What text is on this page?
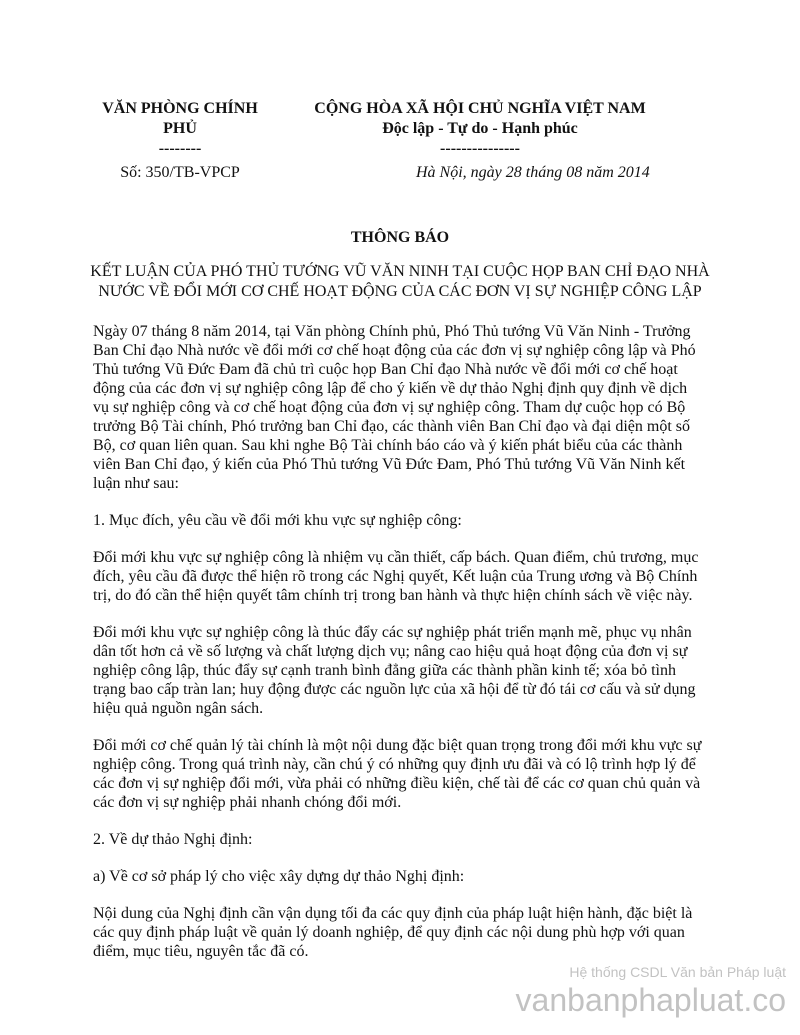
VĂN PHÒNG CHÍNH
PHỦ
--------
CỘNG HÒA XÃ HỘI CHỦ NGHĨA VIỆT NAM
Độc lập - Tự do - Hạnh phúc
---------------
Số: 350/TB-VPCP	Hà Nội, ngày 28 tháng 08 năm 2014
THÔNG BÁO
KẾT LUẬN CỦA PHÓ THỦ TƯỚNG VŨ VĂN NINH TẠI CUỘC HỌP BAN CHỈ ĐẠO NHÀ NƯỚC VỀ ĐỔI MỚI CƠ CHẾ HOẠT ĐỘNG CỦA CÁC ĐƠN VỊ SỰ NGHIỆP CÔNG LẬP

Ngày 07 tháng 8 năm 2014, tại Văn phòng Chính phủ, Phó Thủ tướng Vũ Văn Ninh - Trưởng Ban Chỉ đạo Nhà nước về đổi mới cơ chế hoạt động của các đơn vị sự nghiệp công lập và Phó Thủ tướng Vũ Đức Đam đã chủ trì cuộc họp Ban Chỉ đạo Nhà nước về đổi mới cơ chế hoạt động của các đơn vị sự nghiệp công lập để cho ý kiến về dự thảo Nghị định quy định về dịch vụ sự nghiệp công và cơ chế hoạt động của đơn vị sự nghiệp công. Tham dự cuộc họp có Bộ trưởng Bộ Tài chính, Phó trưởng ban Chỉ đạo, các thành viên Ban Chỉ đạo và đại diện một số Bộ, cơ quan liên quan. Sau khi nghe Bộ Tài chính báo cáo và ý kiến phát biểu của các thành viên Ban Chỉ đạo, ý kiến của Phó Thủ tướng Vũ Đức Đam, Phó Thủ tướng Vũ Văn Ninh kết luận như sau:

1. Mục đích, yêu cầu về đổi mới khu vực sự nghiệp công:

Đổi mới khu vực sự nghiệp công là nhiệm vụ cần thiết, cấp bách. Quan điểm, chủ trương, mục đích, yêu cầu đã được thể hiện rõ trong các Nghị quyết, Kết luận của Trung ương và Bộ Chính trị, do đó cần thể hiện quyết tâm chính trị trong ban hành và thực hiện chính sách về việc này.

Đổi mới khu vực sự nghiệp công là thúc đẩy các sự nghiệp phát triển mạnh mẽ, phục vụ nhân dân tốt hơn cả về số lượng và chất lượng dịch vụ; nâng cao hiệu quả hoạt động của đơn vị sự nghiệp công lập, thúc đẩy sự cạnh tranh bình đẳng giữa các thành phần kinh tế; xóa bỏ tình trạng bao cấp tràn lan; huy động được các nguồn lực của xã hội để từ đó tái cơ cấu và sử dụng hiệu quả nguồn ngân sách.

Đổi mới cơ chế quản lý tài chính là một nội dung đặc biệt quan trọng trong đổi mới khu vực sự nghiệp công. Trong quá trình này, cần chú ý có những quy định ưu đãi và có lộ trình hợp lý để các đơn vị sự nghiệp đổi mới, vừa phải có những điều kiện, chế tài để các cơ quan chủ quản và các đơn vị sự nghiệp phải nhanh chóng đổi mới.

2. Về dự thảo Nghị định:

a) Về cơ sở pháp lý cho việc xây dựng dự thảo Nghị định:

Nội dung của Nghị định cần vận dụng tối đa các quy định của pháp luật hiện hành, đặc biệt là các quy định pháp luật về quản lý doanh nghiệp, để quy định các nội dung phù hợp với quan điểm, mục tiêu, nguyên tắc đã có.

Hệ thống CSDL Văn bản Pháp luật
vanbanphapluat.co
